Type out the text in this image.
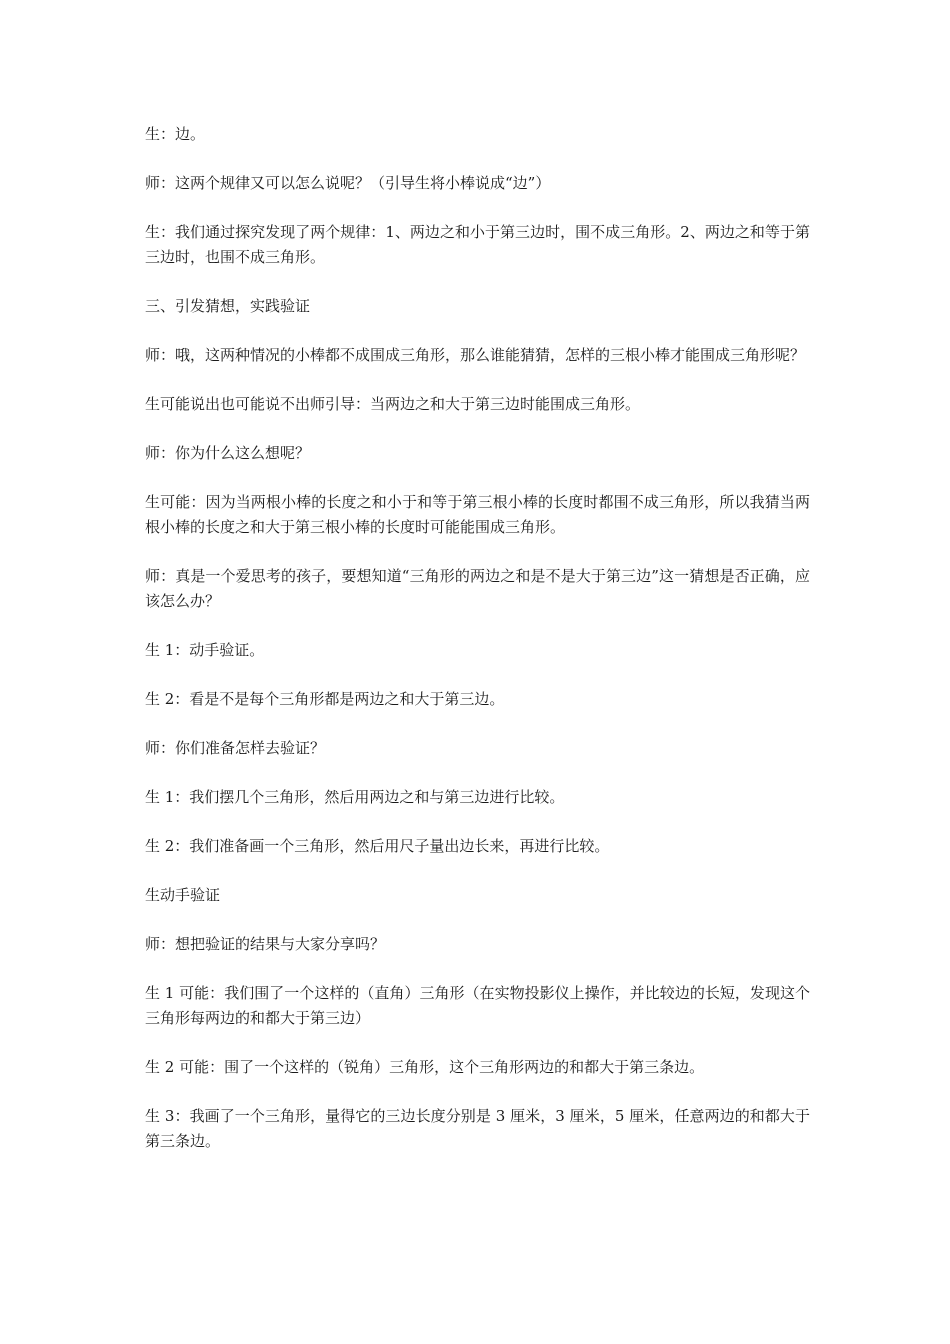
生：边。

师：这两个规律又可以怎么说呢？（引导生将小棒说成“边”）

生：我们通过探究发现了两个规律：1、两边之和小于第三边时，围不成三角形。2、两边之和等于第三边时，也围不成三角形。

三、引发猜想，实践验证

师：哦，这两种情况的小棒都不成围成三角形，那么谁能猜猜，怎样的三根小棒才能围成三角形呢？

生可能说出也可能说不出师引导：当两边之和大于第三边时能围成三角形。

师：你为什么这么想呢？

生可能：因为当两根小棒的长度之和小于和等于第三根小棒的长度时都围不成三角形，所以我猜当两根小棒的长度之和大于第三根小棒的长度时可能能围成三角形。

师：真是一个爱思考的孩子，要想知道“三角形的两边之和是不是大于第三边”这一猜想是否正确，应该怎么办？

生 1：动手验证。

生 2：看是不是每个三角形都是两边之和大于第三边。

师：你们准备怎样去验证？

生 1：我们摆几个三角形，然后用两边之和与第三边进行比较。

生 2：我们准备画一个三角形，然后用尺子量出边长来，再进行比较。

生动手验证

师：想把验证的结果与大家分享吗？

生 1 可能：我们围了一个这样的（直角）三角形（在实物投影仪上操作，并比较边的长短，发现这个三角形每两边的和都大于第三边）

生 2 可能：围了一个这样的（锐角）三角形，这个三角形两边的和都大于第三条边。

生 3：我画了一个三角形，量得它的三边长度分别是 3 厘米，3 厘米，5 厘米，任意两边的和都大于第三条边。
